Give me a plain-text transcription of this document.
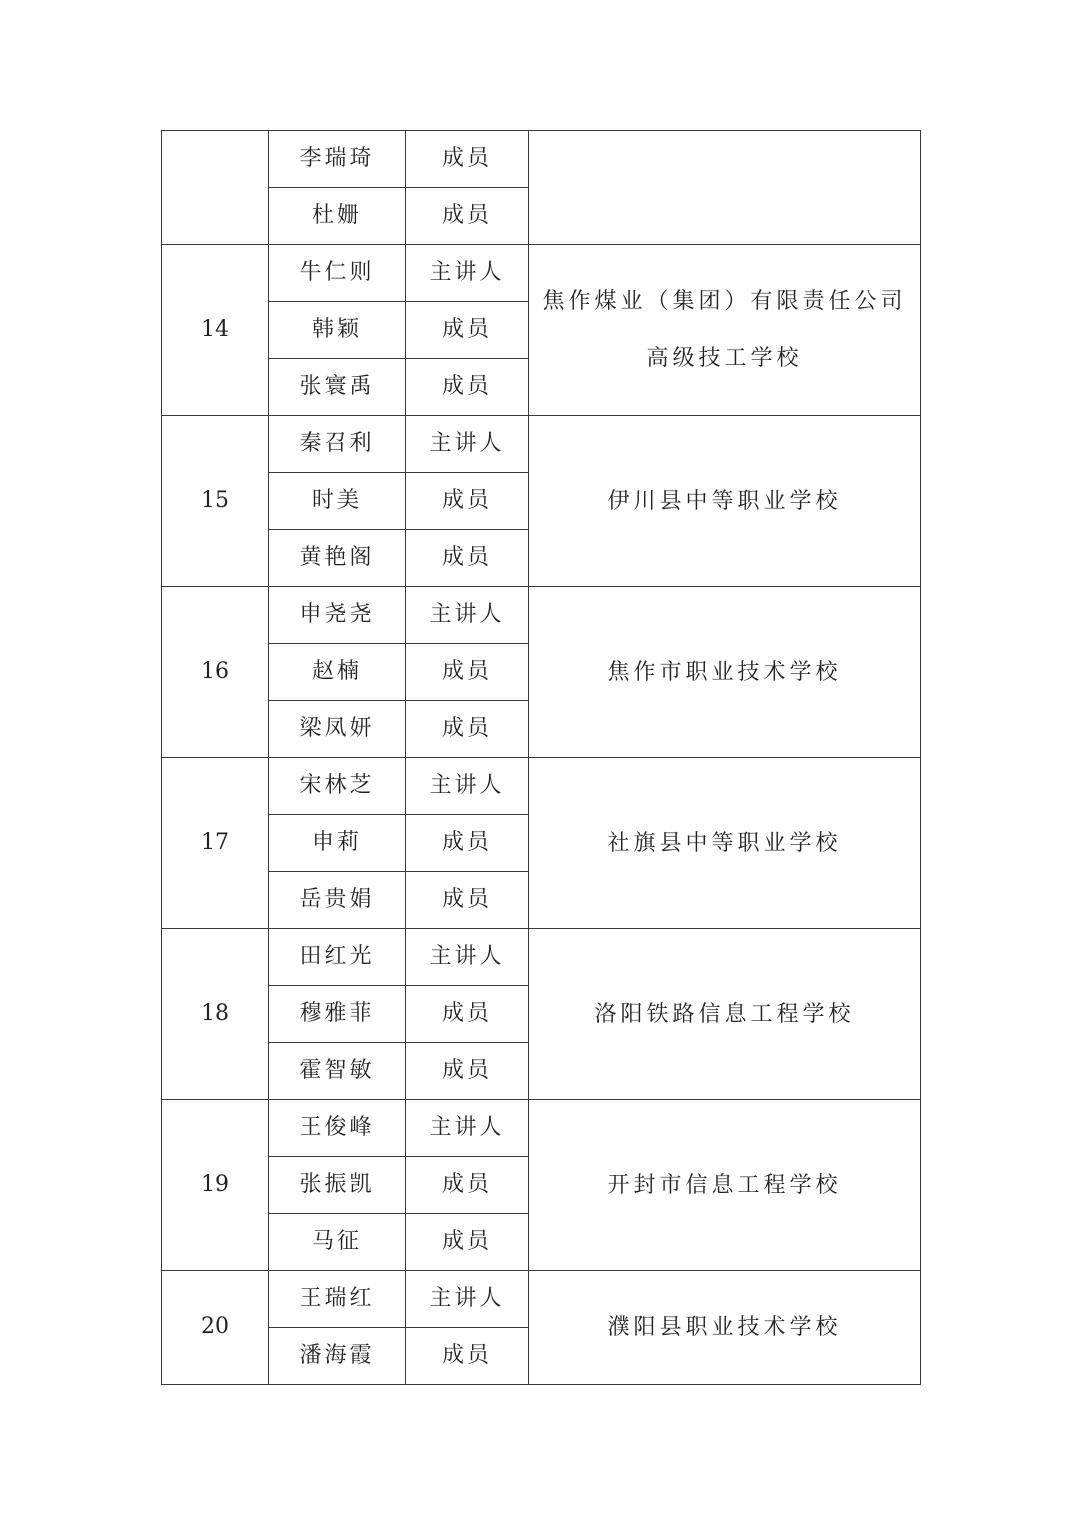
	李瑞琦	成员	
	杜姗	成员	
14	牛仁则	主讲人	焦作煤业（集团）有限责任公司
高级技工学校

	韩颖	成员	
	张寰禹	成员	
15	秦召利	主讲人	伊川县中等职业学校

	时美	成员	
	黄艳阁	成员	
16	申尧尧	主讲人	焦作市职业技术学校

	赵楠	成员	
	梁凤妍	成员	
17	宋林芝	主讲人	社旗县中等职业学校

	申莉	成员	
	岳贵娟	成员	
18	田红光	主讲人	洛阳铁路信息工程学校

	穆雅菲	成员	
	霍智敏	成员	
19	王俊峰	主讲人	开封市信息工程学校

	张振凯	成员	
	马征	成员	
20	王瑞红	主讲人	濮阳县职业技术学校

	潘海霞	成员	
